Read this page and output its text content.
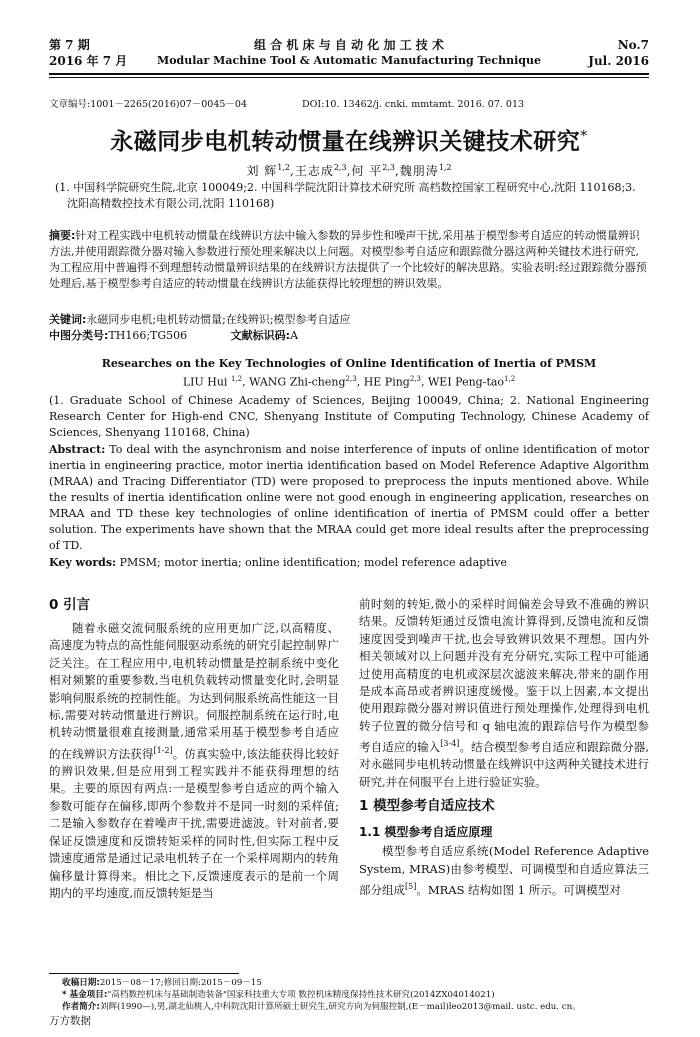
第 7 期
2016 年 7 月
组 合 机 床 与 自 动 化 加 工 技 术
Modular Machine Tool & Automatic Manufacturing Technique
No.7
Jul. 2016
文章编号:1001－2265(2016)07－0045－04	DOI:10. 13462/j. cnki. mmtamt. 2016. 07. 013
永磁同步电机转动惯量在线辨识关键技术研究*
刘 辉$^{1,2}$,王志成$^{2,3}$,何 平$^{2,3}$,魏朋涛$^{1,2}$
(1. 中国科学院研究生院,北京 100049;2. 中国科学院沈阳计算技术研究所 高档数控国家工程研究中心,沈阳 110168;3. 沈阳高精数控技术有限公司,沈阳 110168)
摘要:针对工程实践中电机转动惯量在线辨识方法中输入参数的异步性和噪声干扰,采用基于模型参考自适应的转动惯量辨识方法,并使用跟踪微分器对输入参数进行预处理来解决以上问题。对模型参考自适应和跟踪微分器这两种关键技术进行研究,为工程应用中普遍得不到理想转动惯量辨识结果的在线辨识方法提供了一个比较好的解决思路。实验表明:经过跟踪微分器预处理后,基于模型参考自适应的转动惯量在线辨识方法能获得比较理想的辨识效果。
关键词:永磁同步电机;电机转动惯量;在线辨识;模型参考自适应
中图分类号:TH166;TG506	文献标识码:A
Researches on the Key Technologies of Online Identification of Inertia of PMSM
LIU Hui $^{1,2}$, WANG Zhi-cheng$^{2,3}$, HE Ping$^{2,3}$, WEI Peng-tao$^{1,2}$
(1. Graduate School of Chinese Academy of Sciences, Beijing 100049, China; 2. National Engineering Research Center for High-end CNC, Shenyang Institute of Computing Technology, Chinese Academy of Sciences, Shenyang 110168, China)
Abstract: To deal with the asynchronism and noise interference of inputs of online identification of motor inertia in engineering practice, motor inertia identification based on Model Reference Adaptive Algorithm (MRAA) and Tracing Differentiator (TD) were proposed to preprocess the inputs mentioned above. While the results of inertia identification online were not good enough in engineering application, researches on MRAA and TD these key technologies of online identification of inertia of PMSM could offer a better solution. The experiments have shown that the MRAA could get more ideal results after the preprocessing of TD.
Key words: PMSM; motor inertia; online identification; model reference adaptive
0 引言

随着永磁交流伺服系统的应用更加广泛,以高精度、高速度为特点的高性能伺服驱动系统的研究引起控制界广泛关注。在工程应用中,电机转动惯量是控制系统中变化相对频繁的重要参数,当电机负载转动惯量变化时,会明显影响伺服系统的控制性能。为达到伺服系统高性能这一目标,需要对转动惯量进行辨识。伺服控制系统在运行时,电机转动惯量很难直接测量,通常采用基于模型参考自适应的在线辨识方法获得[1-2]。仿真实验中,该法能获得比较好的辨识效果,但是应用到工程实践并不能获得理想的结果。主要的原因有两点:一是模型参考自适应的两个输入参数可能存在偏移,即两个参数并不是同一时刻的采样值;二是输入参数存在着噪声干扰,需要进滤波。针对前者,要保证反馈速度和反馈转矩采样的同时性,但实际工程中反馈速度通常是通过记录电机转子在一个采样周期内的转角偏移量计算得来。相比之下,反馈速度表示的是前一个周期内的平均速度,而反馈转矩是当

前时刻的转矩,微小的采样时间偏差会导致不准确的辨识结果。反馈转矩通过反馈电流计算得到,反馈电流和反馈速度因受到噪声干扰,也会导致辨识效果不理想。国内外相关领域对以上问题并没有充分研究,实际工程中可能通过使用高精度的电机或深层次滤波来解决,带来的副作用是成本高昂或者辨识速度缓慢。鉴于以上因素,本文提出使用跟踪微分器对辨识值进行预处理操作,处理得到电机转子位置的微分信号和 q 轴电流的跟踪信号作为模型参考自适应的输入[3-4]。结合模型参考自适应和跟踪微分器,对永磁同步电机转动惯量在线辨识中这两种关键技术进行研究,并在伺服平台上进行验证实验。

1 模型参考自适应技术
1.1 模型参考自适应原理

模型参考自适应系统(Model Reference Adaptive System, MRAS)由参考模型、可调模型和自适应算法三部分组成[5]。MRAS 结构如图 1 所示。可调模型对

收稿日期:2015－08－17;修回日期:2015－09－15
* 基金项目:"高档数控机床与基础制造装备"国家科技重大专项 数控机床精度保持性技术研究(2014ZX04014021)
作者简介:刘辉(1990—),男,湖北仙桃人,中科院沈阳计算所硕士研究生,研究方向为伺服控制,(E－mail)leo2013@mail. ustc. edu. cn。
万方数据
